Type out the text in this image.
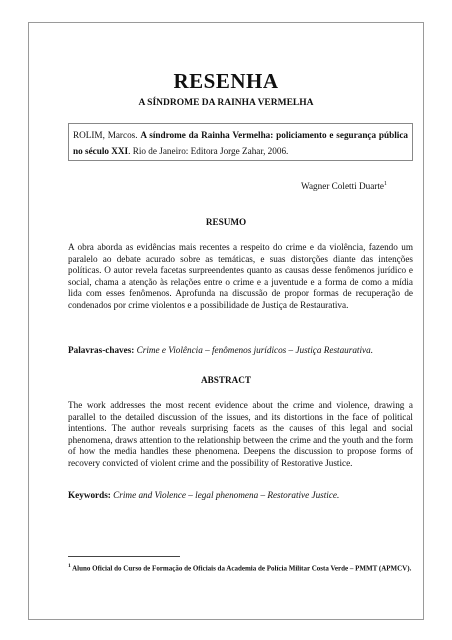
RESENHA
A SÍNDROME DA RAINHA VERMELHA
ROLIM, Marcos. A síndrome da Rainha Vermelha: policiamento e segurança pública no século XXI. Rio de Janeiro: Editora Jorge Zahar, 2006.
Wagner Coletti Duarte$^1$
RESUMO
A obra aborda as evidências mais recentes a respeito do crime e da violência, fazendo um paralelo ao debate acurado sobre as temáticas, e suas distorções diante das intenções políticas. O autor revela facetas surpreendentes quanto as causas desse fenômenos jurídico e social, chama a atenção às relações entre o crime e a juventude e a forma de como a mídia lida com esses fenômenos. Aprofunda na discussão de propor formas de recuperação de condenados por crime violentos e a possibilidade de Justiça de Restaurativa.
Palavras-chaves: Crime e Violência – fenômenos jurídicos – Justiça Restaurativa.
ABSTRACT
The work addresses the most recent evidence about the crime and violence, drawing a parallel to the detailed discussion of the issues, and its distortions in the face of political intentions. The author reveals surprising facets as the causes of this legal and social phenomena, draws attention to the relationship between the crime and the youth and the form of how the media handles these phenomena. Deepens the discussion to propose forms of recovery convicted of violent crime and the possibility of Restorative Justice.
Keywords: Crime and Violence – legal phenomena – Restorative Justice.
$^1$ Aluno Oficial do Curso de Formação de Oficiais da Academia de Polícia Militar Costa Verde – PMMT (APMCV).
